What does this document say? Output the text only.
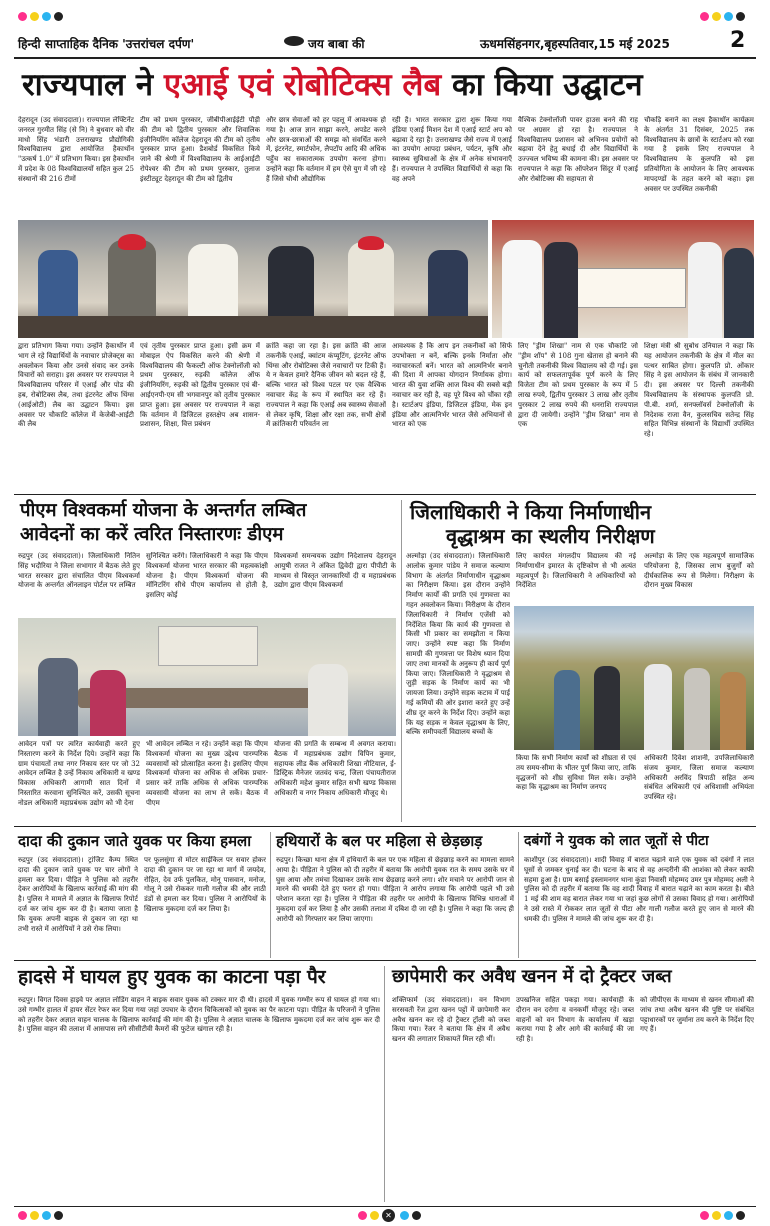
हिन्दी साप्ताहिक दैनिक 'उत्तरांचल दर्पण'	जय बाबा की	ऊधमसिंहनगर,बृहस्पतिवार,15 मई 2025	2
राज्यपाल ने एआई एवं रोबोटिक्स लैब का किया उद्घाटन
देहरादून (उद संवाददाता)। राज्यपाल लेफ्टिनेंट जनरल गुरमीत सिंह (से नि) ने बुधवार को वीर माधो सिंह भंडारी उत्तराखण्ड प्रौद्योगिकी विश्वविद्यालय द्वारा आयोजित हैकाथॉन "उत्कर्ष 1.0" में प्रतिभाग किया। इस हैकाथॉन में प्रदेश के 08 विश्वविद्यालयों सहित कुल 25 संस्थानों की 216 टीमों
टीम को प्रथम पुरस्कार, जीबीपीआईईटी पौड़ी की टीम को द्वितीय पुरस्कार और शिवालिक इंजीनियरिंग कॉलेज देहरादून की टीम को तृतीय पुरस्कार प्राप्त हुआ। डैशबोर्ड विकसित किये जाने की श्रेणी में विश्वविद्यालय के आईआईटी रोपेश्वर की टीम को प्रथम पुरस्कार, तुलाज इंस्टीट्यूट देहरादून की टीम को द्वितीय
और छात्र सेवाओं को हर पहलू में आवश्यक हो गया है। आज ज्ञान साझा करने, अपडेट करने और छात्र-छात्राओं की समझ को संवर्धित करने में, इंटरनेट, स्मार्टफोन, लैपटॉप आदि की अधिक पहुँच का सकारात्मक उपयोग करना होगा। उन्होंने कहा कि वर्तमान में हम ऐसे युग में जी रहे हैं जिसे चौथी औद्योगिक
रही है। भारत सरकार द्वारा शुरू किया गया इंडिया एआई मिशन देश में एआई स्टार्ट अप को बढ़ावा दे रहा है। उत्तराखण्ड जैसे राज्य में एआई का उपयोग आपदा प्रबंधन, पर्यटन, कृषि और स्वास्थ्य सुविधाओं के क्षेत्र में अनेक संभावनाएँ हैं। राज्यपाल ने उपस्थित विद्यार्थियों से कहा कि वह अपने
वैश्विक टेक्नोलॉजी पावर हाउस बनने की राह पर अग्रसर हो रहा है। राज्यपाल ने विश्वविद्यालय प्रशासन को अभिनव प्रयोगों को बढ़ावा देने हेतु बधाई दी और विद्यार्थियों के उज्ज्वल भविष्य की कामना की। इस अवसर पर राज्यपाल ने कहा कि ऑपरेशन सिंदूर में एआई और रोबोटिक्स की सहायता से
चौकड़ि बनाने का लक्ष्य हैकाथॉन कार्यक्रम के अंतर्गत 31 दिसंबर, 2025 तक विश्वविद्यालय के छात्रों के स्टार्टअप को रखा गया है इसके लिए राज्यपाल ने विश्वविद्यालय के कुलपति को इस प्रतियोगिता के आयोजन के लिए आवश्यक मापदण्डों के तहत करने को कहा। इस अवसर पर उपस्थित तकनीकी
द्वारा प्रतिभाग किया गया। उन्होंने हैकाथॉन में भाग ले रहे विद्यार्थियों के नवाचार प्रोजेक्ट्स का अवलोकन किया और उनसे संवाद कर उनके विचारों को सराहा। इस अवसर पर राज्यपाल ने विश्वविद्यालय परिसर में एआई और पोड की हब, रोबोटिक्स लैब, तथा इंटरनेट ऑफ थिंग्स (आईओटी) लैब का उद्घाटन किया। इस अवसर पर चौकाटि कॉलेज में केजेबी-आईटी की लैब
एवं तृतीय पुरस्कार प्राप्त हुआ। इसी क्रम में मोबाइल ऐप विकसित करने की श्रेणी में विश्वविद्यालय की फैकल्टी ऑफ टेक्नोलॉजी को प्रथम पुरस्कार, रुड़की कॉलेज ऑफ इंजीनियरिंग, रुड़की को द्वितीय पुरस्कार एवं बी-आईएनपी-एम सी भगवानपुर को तृतीय पुरस्कार प्राप्त हुआ। इस अवसर पर राज्यपाल ने कहा कि वर्तमान में डिजिटल हस्तक्षेप अब शासन- प्रशासन, शिक्षा, वित्त प्रबंधन
क्रांति कहा जा रहा है। इस क्रांति की आज तकनीकें एआई, क्वांटम कंप्यूटिंग, इंटरनेट ऑफ थिंग्स और रोबोटिक्स जैसे नवाचारों पर टिकी हैं। ये न केवल हमारे दैनिक जीवन को बदल रहे हैं, बल्कि भारत को विश्व पटल पर एक वैश्विक नवाचार केंद्र के रूप में स्थापित कर रहे हैं। राज्यपाल ने कहा कि एआई अब स्वास्थ्य सेवाओं से लेकर कृषि, शिक्षा और रक्षा तक, सभी क्षेत्रों में क्रांतिकारी परिवर्तन ला
आवश्यक है कि आप इन तकनीकों को सिर्फ उपभोक्ता न बनें, बल्कि इनके निर्माता और नवाचारकर्ता बनें। भारत को आत्मनिर्भर बनाने की दिशा में आपका योगदान निर्णायक होगा। भारत की युवा शक्ति आज विश्व की सबसे बड़ी नवाचार कर रही है, वह पूरे विश्व को चौंका रही है। स्टार्टअप इंडिया, डिजिटल इंडिया, मेक इन इंडिया और आत्मनिर्भर भारत जैसे अभियानों से भारत को एक
लिए "ड्रीम शिखा" नाम से एक चौकाटि जो "ड्रीम शॉप" से 108 गुना खेतास हो बनाने की चुनौती तकनीकी विश्व विद्यालय को दी गई। इस कार्य को सफलतापूर्वक पूर्ण करने के लिए विजेता टीम को प्रथम पुरस्कार के रूप में 5 लाख रुपये, द्वितीय पुरस्कार 3 लाख और तृतीय पुरस्कार 2 लाख रुपये की धनराशि राज्यपाल द्वारा दी जायेगी। उन्होंने "ड्रीम शिखा" नाम से एक
शिक्षा मंत्री श्री सुबोध उनियाल ने कहा कि यह आयोजन तकनीकी के क्षेत्र में मील का पत्थर साबित होगा। कुलपति प्रो. ओंकार सिंह ने इस आयोजन के संबंध में जानकारी दी। इस अवसर पर दिल्ली तकनीकी विश्वविद्यालय के संस्थापक कुलपति प्रो. पी.बी. शर्मा, सनफ्लॉवर्स टेक्नोलॉजी के निदेशक राजा वैन, कुलसचिव सतेन्द्र सिंह सहित विभिन्न संस्थानों के विद्यार्थी उपस्थित रहे।
पीएम विश्वकर्मा योजना के अन्तर्गत लम्बित
आवेदनों का करें त्वरित निस्तारणः डीएम
रुद्रपुर (उद संवाददाता)। जिलाधिकारी नितिन सिंह भदौरिया ने जिला सभागार में बैठक लेते हुए भारत सरकार द्वारा संचालित पीएम विश्वकर्मा योजना के अन्तर्गत ऑनलाइन पोर्टल पर लम्बित
सुनिश्चित करेंगे। जिलाधिकारी ने कहा कि पीएम विश्वकर्मा योजना भारत सरकार की महत्वकांक्षी योजना है। पीएम विश्वकर्मा योजना की मॉनिटरिंग सीधे पीएम कार्यालय से होती है, इसलिए कोई
विश्वकर्मा समन्वयक उद्योग निदेशालय देहरादून आयुषी राजत ने अंकित द्विवेदी द्वारा पीपीटी के माध्यम से विस्तृत जानकारियों दी व महाप्रबंधक उद्योग द्वारा पीएम विश्वकर्मा
आवेदन पत्रों पर त्वरित कार्यवाही करते हुए निस्तारण करने के निर्देश दिये। उन्होंने कहा कि ग्राम पंचायतों तथा नगर निकाय स्तर पर जो 32 आवेदन लम्बित है उन्हें निकाय अधिकारी व खण्ड विकास अधिकारी आगामी सात दिनों में निस्तारित करवाना सुनिश्चित करें, उसकी सूचना नोडल अधिकारी महाप्रबंधक उद्योग को भी देना
भी आवेदन लम्बित न रहे। उन्होंने कहा कि पीएम विश्वकर्मा योजना का मुख्य उद्देश्य पारम्परिक व्यवसायों को प्रोत्साहित करना है। इसलिए पीएम विश्वकर्मा योजना का अधिक से अधिक प्रचार-प्रसार करें ताकि अधिक से अधिक पारम्परिक व्यवसायी योजना का लाभ ले सकें। बैठक में पीएम
योजना की प्रगति के सम्बन्ध में अवगत कराया। बैठक में महाप्रबंधक उद्योग विपिन कुमार, सहायक लीड बैंक अधिकारी शिखा नौटियाल, ई-डिस्ट्रिक मैनेजर जतवंद चन्द्र, जिला पंचायतीराज अधिकारी महेश कुमार सहित सभी खण्ड विकास अधिकारी व नगर निकाय अधिकारी मौजूद थे।
जिलाधिकारी ने किया निर्माणाधीन
वृद्धाश्रम का स्थलीय निरीक्षण
अल्मोड़ा (उद संवाददाता)। जिलाधिकारी आलोक कुमार पांडेय ने समाज कल्याण विभाग के अंतर्गत निर्माणाधीन वृद्धाश्रम का निरीक्षण किया। इस दौरान उन्होंने निर्माण कार्यों की प्रगति एवं गुणवत्ता का गहन अवलोकन किया। निरीक्षण के दौरान जिलाधिकारी ने निर्माण एजेंसी को निर्देशित किया कि कार्य की गुणवत्ता से किसी भी प्रकार का समझौता न किया जाए। उन्होंने स्पष्ट कहा कि निर्माण सामग्री की गुणवत्ता पर विशेष ध्यान दिया जाए तथा मानकों के अनुरूप ही कार्य पूर्ण किया जाए। जिलाधिकारी ने वृद्धाश्रम से जुड़ी सड़क के निर्माण कार्य का भी जायजा लिया। उन्होंने सड़क कटाव में पाई गई कमियों की ओर इशारा करते हुए उन्हें शीघ्र दूर करने के निर्देश दिए। उन्होंने कहा कि यह सड़क न केवल वृद्धाश्रम के लिए, बल्कि समीपवर्ती विद्यालय बच्चों के
लिए कार्यरत मंगलदीप विद्यालय की नई निर्माणाधीन इमारत के दृष्टिकोण से भी अत्यंत महत्वपूर्ण है। जिलाधिकारी ने अधिकारियों को निर्देशित
अल्मोड़ा के लिए एक महत्वपूर्ण सामाजिक परियोजना है, जिसका लाभ बुजुर्गों को दीर्घकालिक रूप से मिलेगा। निरीक्षण के दौरान मुख्य विकास
किया कि सभी निर्माण कार्यों को शीघ्रता से एवं तय समय-सीमा के भीतर पूर्ण किया जाए, ताकि वृद्धजनों को शीघ्र सुविधा मिल सके। उन्होंने कहा कि वृद्धाश्रम का निर्माण जनपद
अधिकारी दिवेश शाशनी, उपजिलाधिकारी संजय कुमार, जिला समाज कल्याण अधिकारी अरविंद त्रिपाठी सहित अन्य संबंधित अधिकारी एवं अधिशासी अभियंता उपस्थित रहे।
दादा की दुकान जाते युवक पर किया हमला
रुद्रपुर (उद संवाददाता)। ट्रांजिट कैम्प स्थित दादा की दुकान जाते युवक पर चार लोगों ने हमला कर दिया। पीड़ित ने पुलिस को तहरीर देकर आरोपियों के खिलाफ कार्रवाई की मांग की है। पुलिस ने मामले में अज्ञात के खिलाफ रिपोर्ट दर्ज कर जांच शुरू कर दी है। बताया जाता है कि युवक अपनी बाइक से दुकान जा रहा था तभी रास्ते में आरोपियों ने उसे रोक लिया।
पर फूलसुंगा से मोटर साईकिल पर सवार होकर दादा की दुकान पर जा रहा था मार्ग में जयदेव, रोहित, देव उर्फ पुलकित, मोनू पासवान, मनोज, गोलू ने उसे रोककर गाली गलौज की और लाठी डंडों से हमला कर दिया। पुलिस ने आरोपियों के खिलाफ मुकदमा दर्ज कर लिया है।
हथियारों के बल पर महिला से छेड़छाड़
रुद्रपुर। किच्छा थाना क्षेत्र में हथियारों के बल पर एक महिला से छेड़छाड़ करने का मामला सामने आया है। पीड़िता ने पुलिस को दी तहरीर में बताया कि आरोपी युवक रात के समय उसके घर में घुस आया और तमंचा दिखाकर उसके साथ छेड़छाड़ करने लगा। शोर मचाने पर आरोपी जान से मारने की धमकी देते हुए फरार हो गया। पीड़िता ने आरोप लगाया कि आरोपी पहले भी उसे परेशान करता रहा है। पुलिस ने पीड़िता की तहरीर पर आरोपी के खिलाफ विभिन्न धाराओं में मुकदमा दर्ज कर लिया है और उसकी तलाश में दबिश दी जा रही है। पुलिस ने कहा कि जल्द ही आरोपी को गिरफ्तार कर लिया जाएगा।
दबंगों ने युवक को लात जूतों से पीटा
काशीपुर (उद संवाददाता)। शादी विवाह में बारात चढ़ाने वाले एक युवक को दबंगों ने लात घूसों से जमकर धुनाई कर दी। घटना के बाद से वह अन्दरीनी की आशंका को लेकर काफी सहमा हुआ है। ग्राम बसाई इस्लामनगर थाना कुंडा निवासी मोहम्मद उमर पुत्र मोहम्मद अली ने पुलिस को दी तहरीर में बताया कि वह शादी विवाह में बारात चढ़ाने का काम करता है। बीते 1 मई की शाम वह बारात लेकर गया था जहां कुछ लोगों से उसका विवाद हो गया। आरोपियों ने उसे रास्ते में रोककर लात जूतों से पीटा और गाली गलौज करते हुए जान से मारने की धमकी दी। पुलिस ने मामले की जांच शुरू कर दी है।
हादसे में घायल हुए युवक का काटना पड़ा पैर
रुद्रपुर। विगत दिवस हाइवे पर अज्ञात लोडिंग वाहन ने बाइक सवार युवक को टक्कर मार दी थी। हादसे में युवक गम्भीर रूप से घायल हो गया था। उसे गम्भीर हालत में हायर सेंटर रेफर कर दिया गया जहां उपचार के दौरान चिकित्सकों को युवक का पैर काटना पड़ा। पीड़ित के परिजनों ने पुलिस को तहरीर देकर अज्ञात वाहन चालक के खिलाफ कार्रवाई की मांग की है। पुलिस ने अज्ञात चालक के खिलाफ मुकदमा दर्ज कर जांच शुरू कर दी है। पुलिस वाहन की तलाश में आसपास लगे सीसीटीवी कैमरों की फुटेज खंगाल रही है।
छापेमारी कर अवैध खनन में दो ट्रैक्टर जब्त
शक्तिफार्म (उद संवाददाता)। वन विभाग सरसवती रेंज द्वारा खनन पट्टों में छापेमारी कर अवैध खनन कर रहे दो ट्रैक्टर ट्रॉली को जब्त किया गया। रेंजर ने बताया कि क्षेत्र में अवैध खनन की लगातार शिकायतें मिल रही थीं।
उपखनिज सहित पकड़ा गया। कार्यवाही के दौरान वन दरोगा व वनकर्मी मौजूद रहे। जब्त वाहनों को वन विभाग के कार्यालय में खड़ा कराया गया है और आगे की कार्रवाई की जा रही है।
को जीपीएस के माध्यम से खनन सीमाओं की जांच तथा अवैध खनन की पुष्टि पर संबंधित पट्टाधारकों पर जुर्माना तय करने के निर्देश दिए गए हैं।
✕
